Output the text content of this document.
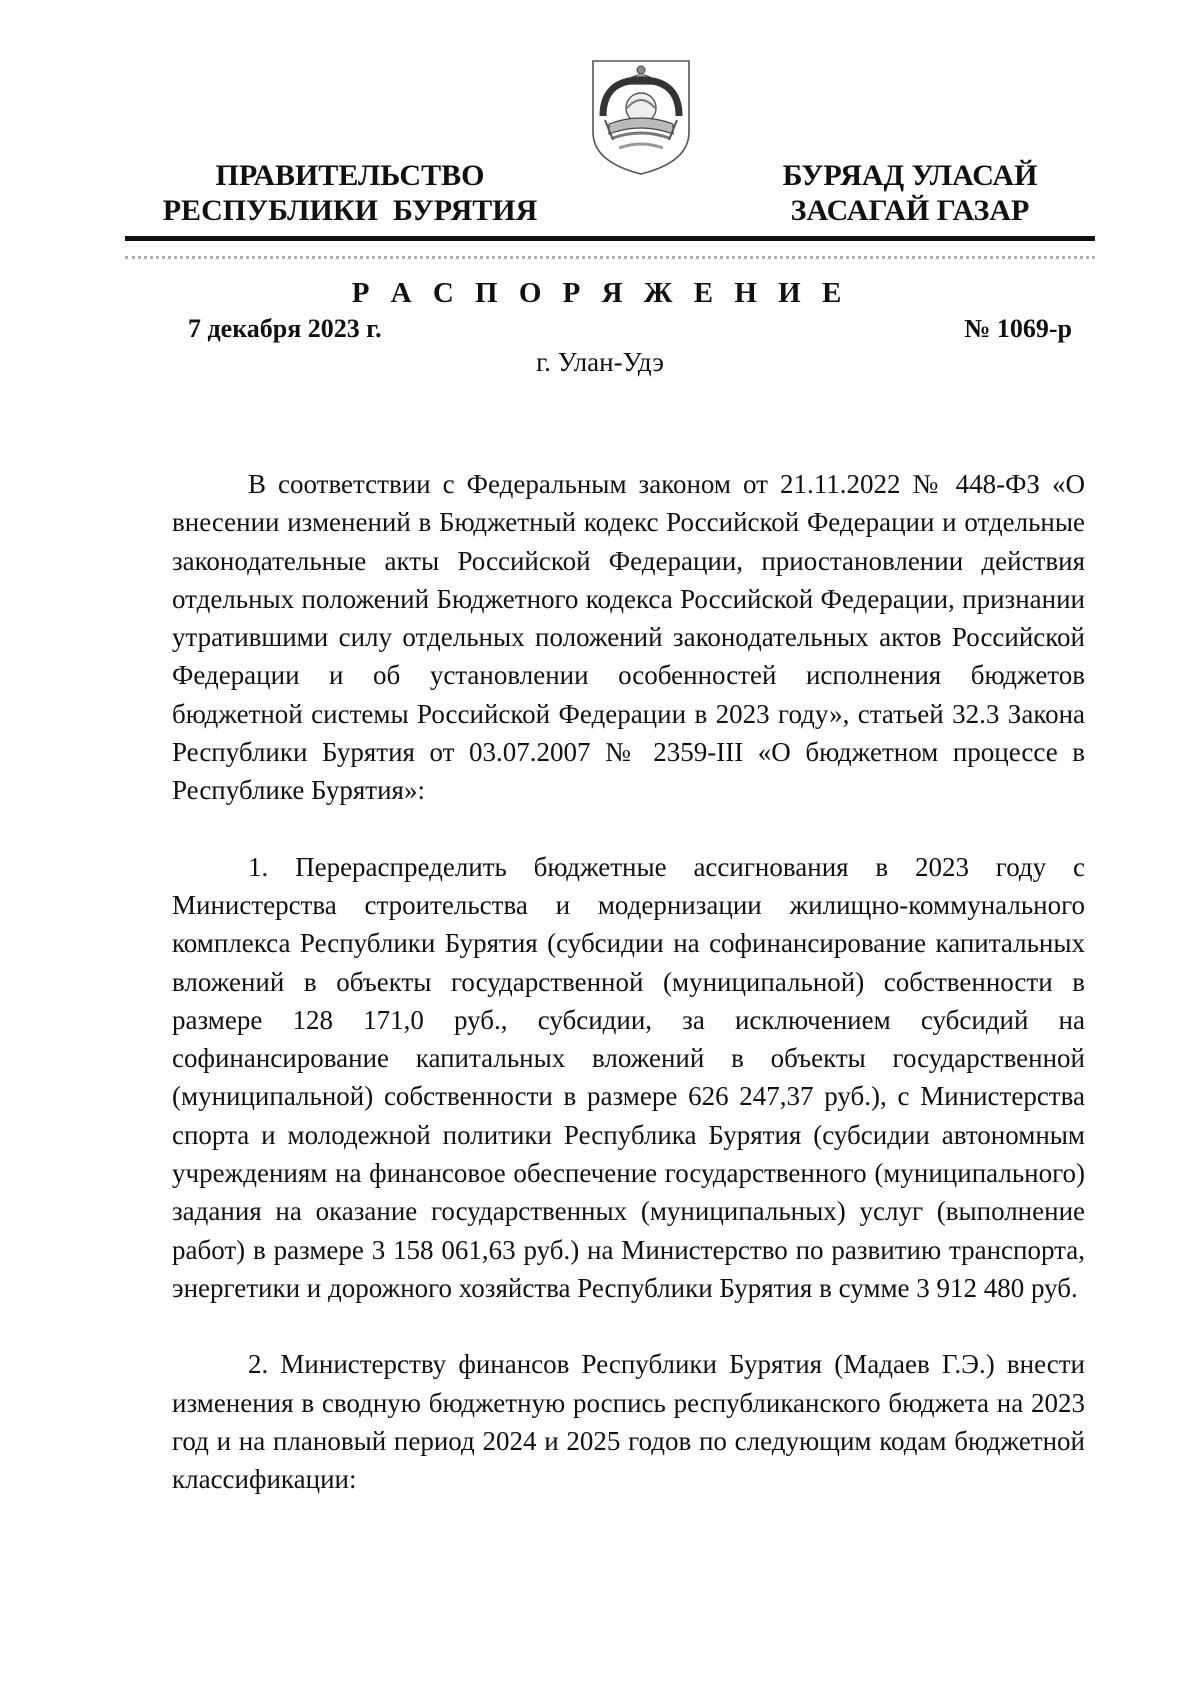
ПРАВИТЕЛЬСТВО
РЕСПУБЛИКИ  БУРЯТИЯ
БУРЯАД УЛАСАЙ
ЗАСАГАЙ ГАЗАР
Р А С П О Р Я Ж Е Н И Е
7 декабря 2023 г.	№ 1069-р
г. Улан-Удэ

В соответствии с Федеральным законом от 21.11.2022 № 448-ФЗ «О внесении изменений в Бюджетный кодекс Российской Федерации и отдельные законодательные акты Российской Федерации, приостановлении действия отдельных положений Бюджетного кодекса Российской Федерации, признании утратившими силу отдельных положений законодательных актов Российской Федерации и об установлении особенностей исполнения бюджетов бюджетной системы Российской Федерации в 2023 году», статьей 32.3 Закона Республики Бурятия от 03.07.2007 № 2359-III «О бюджетном процессе в Республике Бурятия»:

1. Перераспределить бюджетные ассигнования в 2023 году с Министерства строительства и модернизации жилищно-коммунального комплекса Республики Бурятия (субсидии на софинансирование капитальных вложений в объекты государственной (муниципальной) собственности в размере 128 171,0 руб., субсидии, за исключением субсидий на софинансирование капитальных вложений в объекты государственной (муниципальной) собственности в размере 626 247,37 руб.), с Министерства спорта и молодежной политики Республика Бурятия (субсидии автономным учреждениям на финансовое обеспечение государственного (муниципального) задания на оказание государственных (муниципальных) услуг (выполнение работ) в размере 3 158 061,63 руб.) на Министерство по развитию транспорта, энергетики и дорожного хозяйства Республики Бурятия в сумме 3 912 480 руб.

2. Министерству финансов Республики Бурятия (Мадаев Г.Э.) внести изменения в сводную бюджетную роспись республиканского бюджета на 2023 год и на плановый период 2024 и 2025 годов по следующим кодам бюджетной классификации:
